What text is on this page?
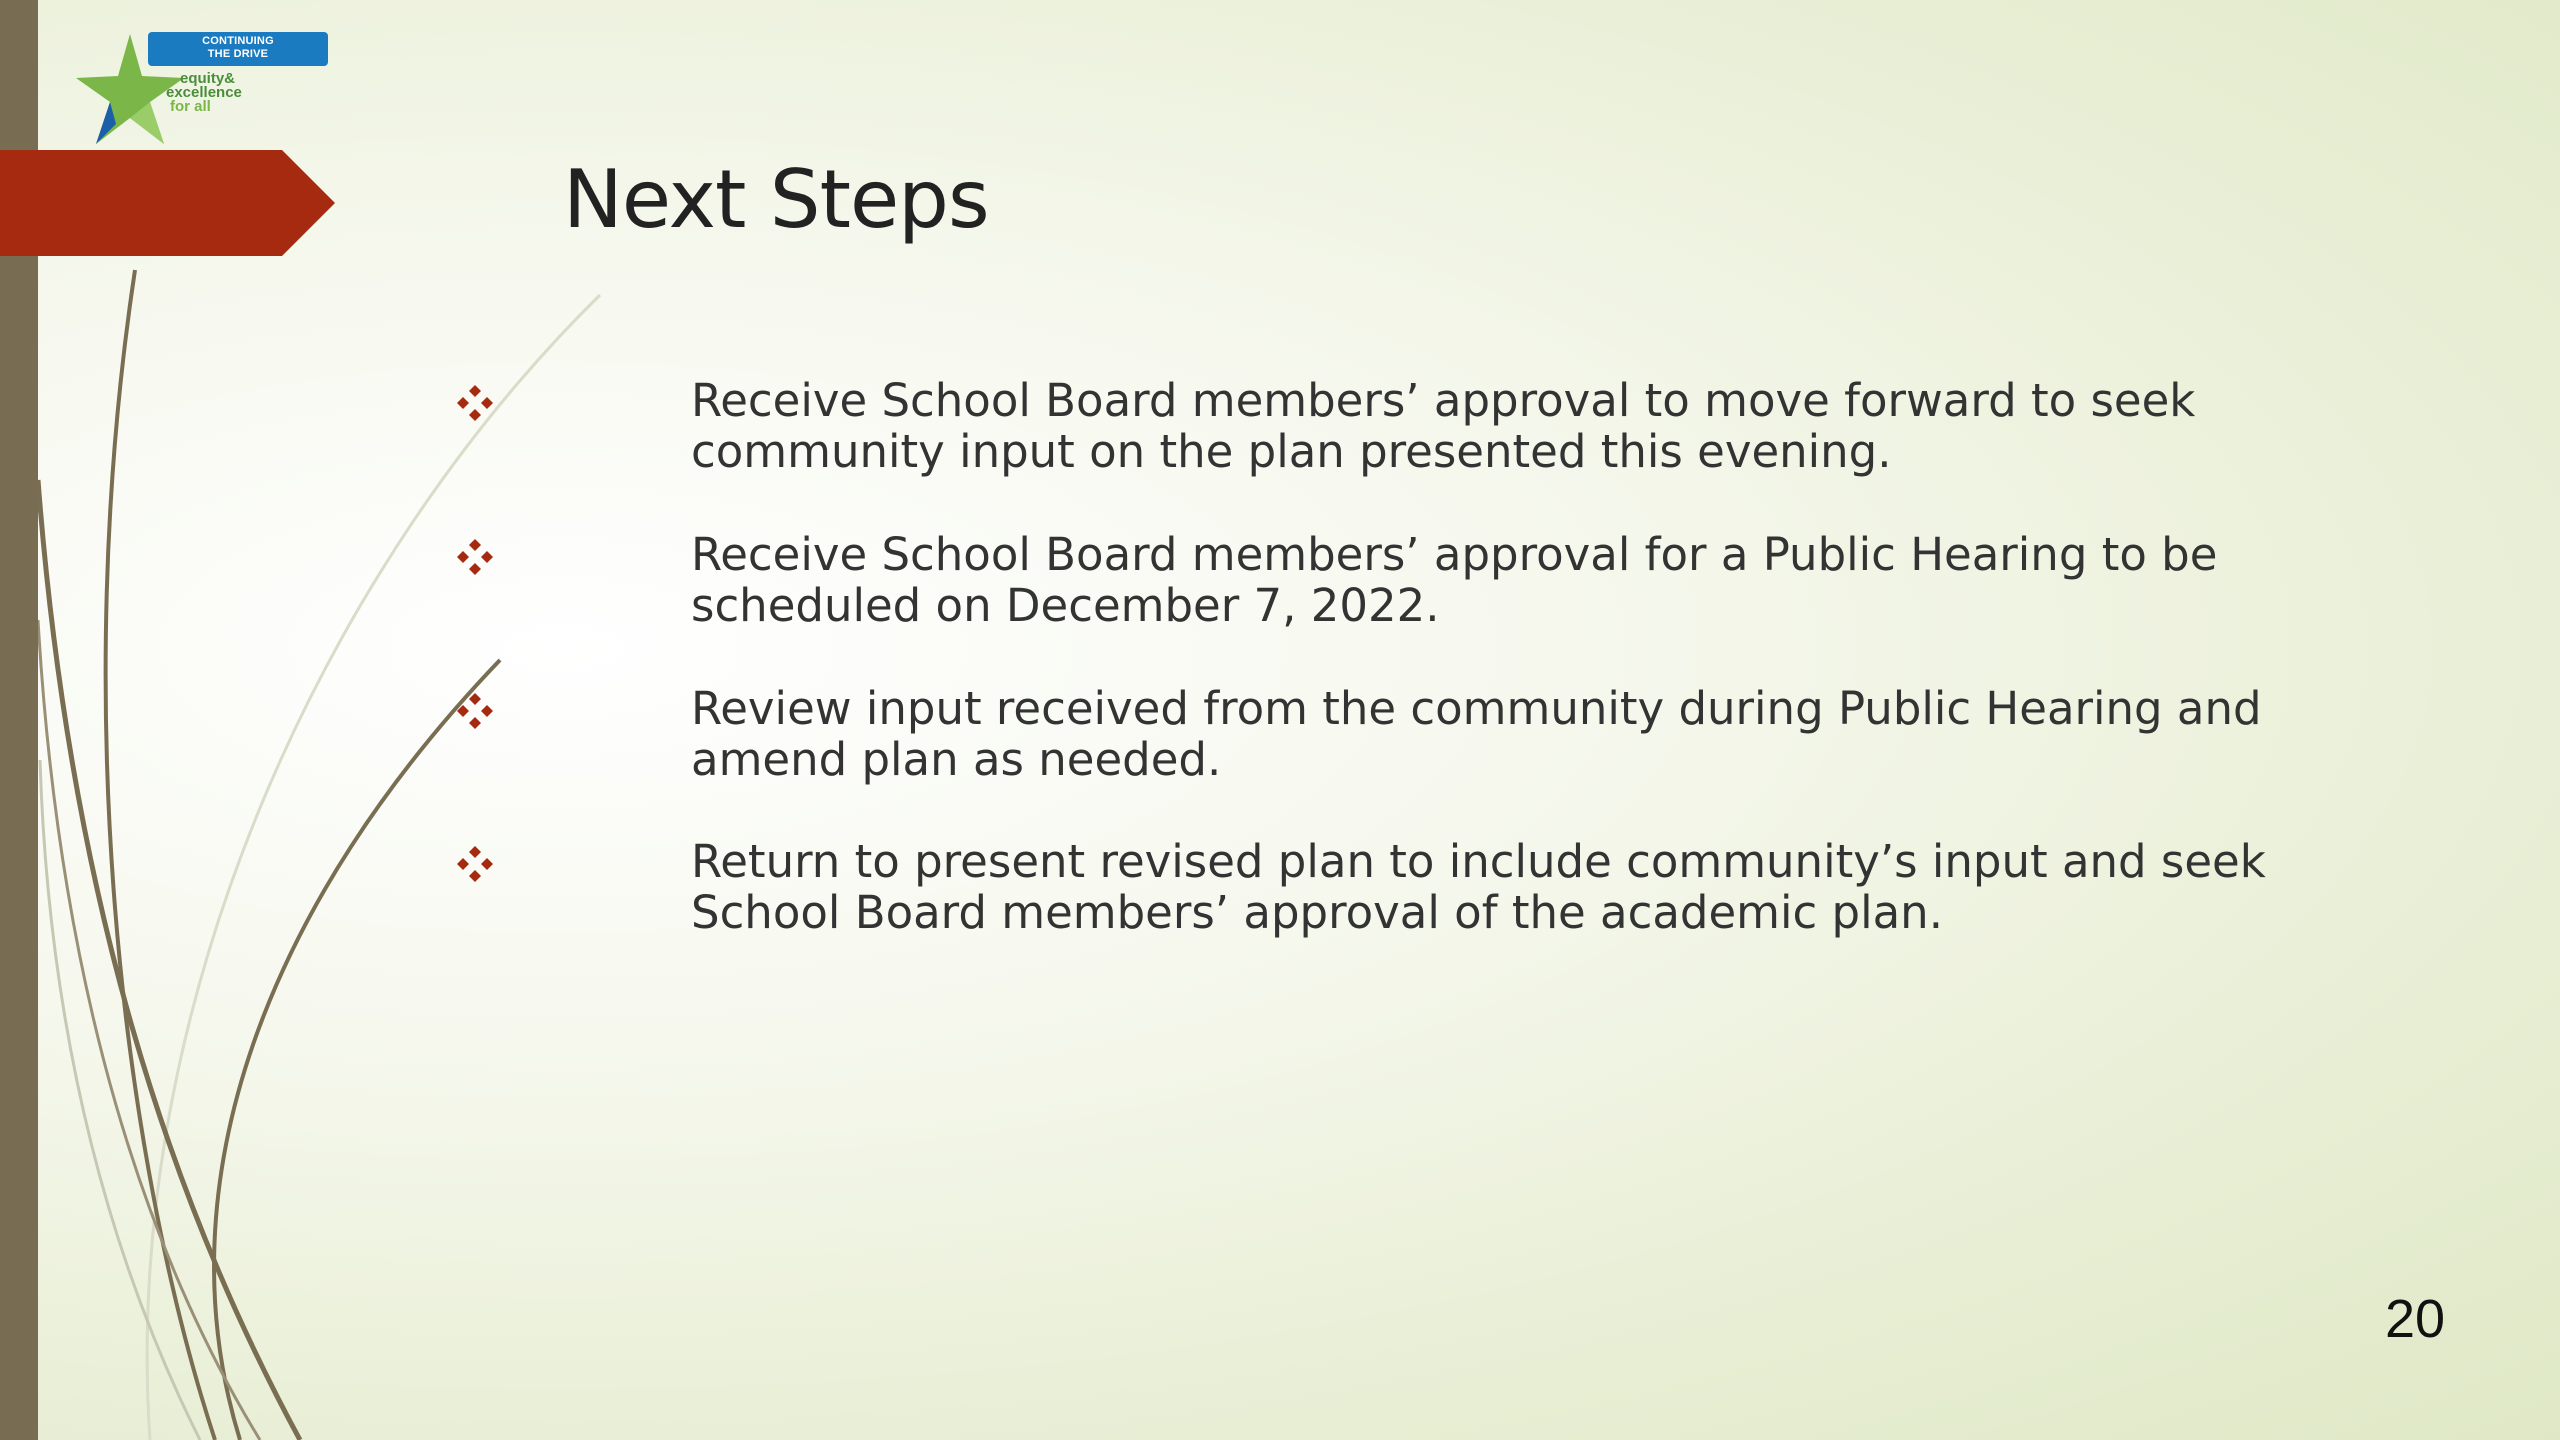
CONTINUING
THE DRIVE
equity&
excellence
for all
Next Steps
Receive School Board members’ approval to move forward to seek
community input on the plan presented this evening.
Receive School Board members’ approval for a Public Hearing to be
scheduled on December 7, 2022.
Review input received from the community during Public Hearing and
amend plan as needed.
Return to present revised plan to include community’s input and seek
School Board members’ approval of the academic plan.
20
